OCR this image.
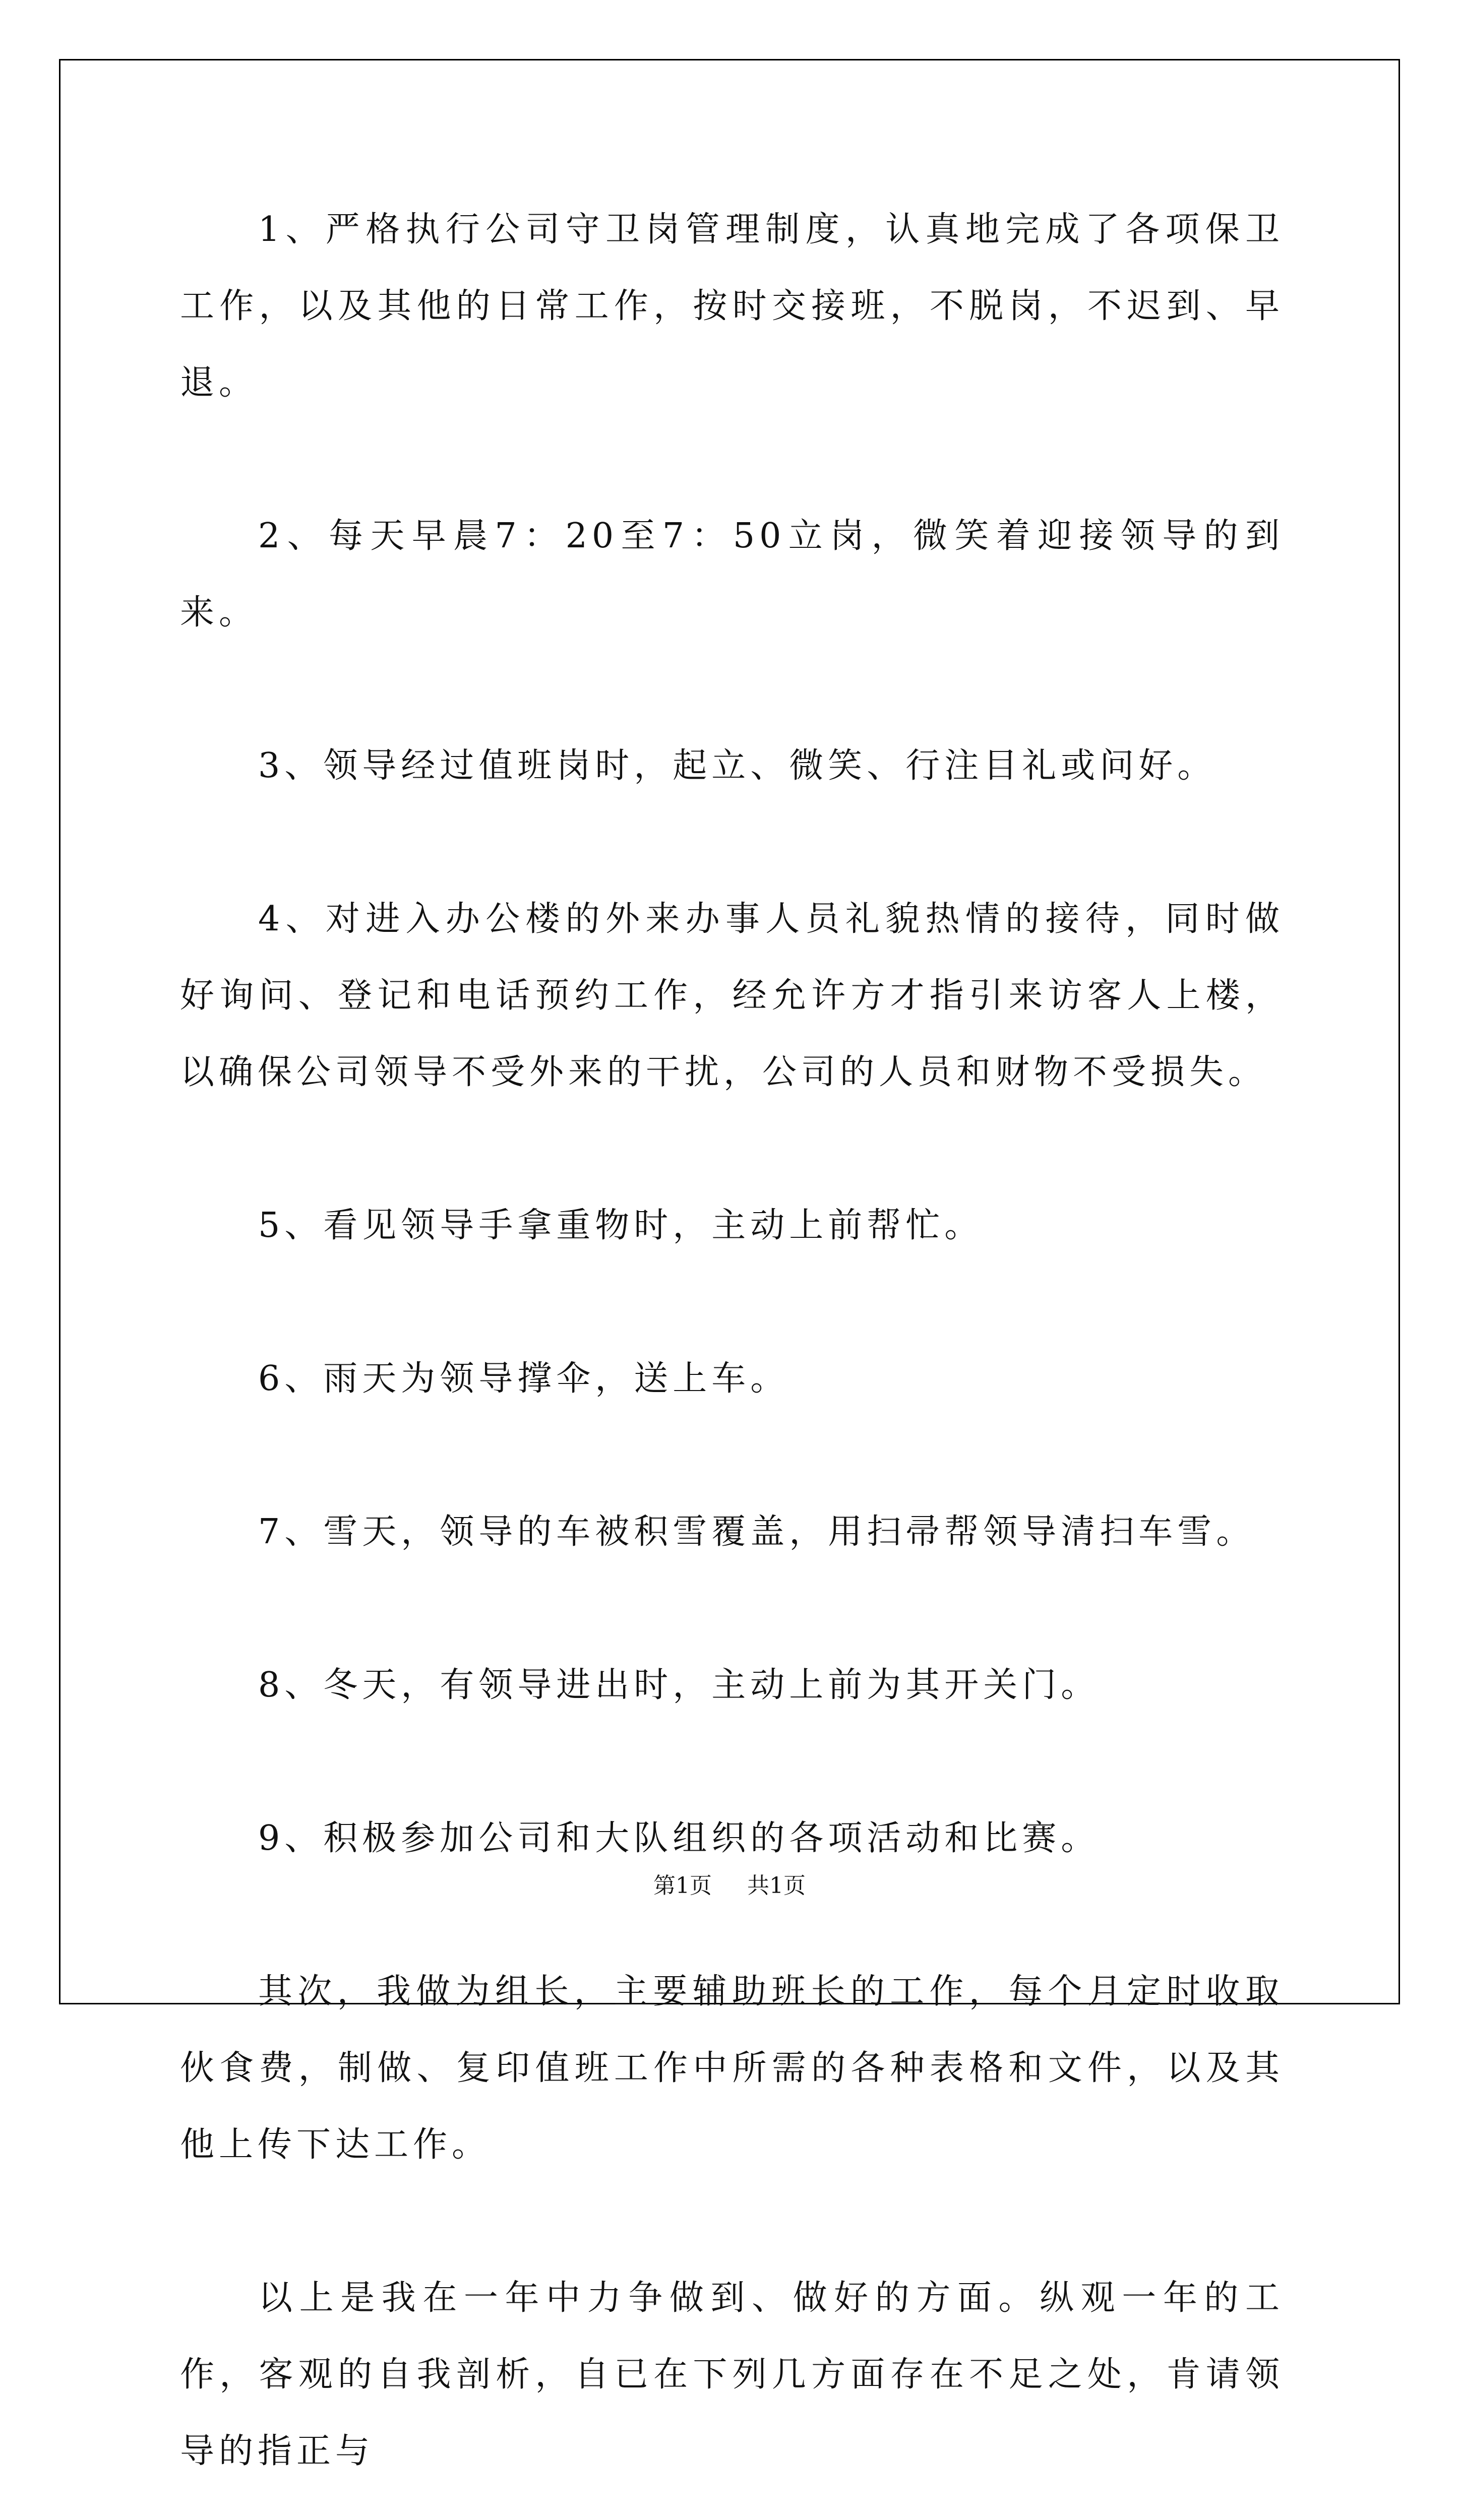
1、严格执行公司守卫岗管理制度，认真地完成了各项保卫工作，以及其他的日常工作，按时交接班，不脱岗，不迟到、早退。

2、每天早晨7：20至7：50立岗，微笑着迎接领导的到来。

3、领导经过值班岗时，起立、微笑、行注目礼或问好。

4、对进入办公楼的外来办事人员礼貌热情的接待，同时做好询问、登记和电话预约工作，经允许方才指引来访客人上楼，以确保公司领导不受外来的干扰，公司的人员和财物不受损失。

5、看见领导手拿重物时，主动上前帮忙。

6、雨天为领导撑伞，送上车。

7、雪天，领导的车被积雪覆盖，用扫帚帮领导清扫车雪。

8、冬天，有领导进出时，主动上前为其开关门。

9、积极参加公司和大队组织的各项活动和比赛。

其次，我做为组长，主要辅助班长的工作，每个月定时收取伙食费，制做、复印值班工作中所需的各种表格和文件，以及其他上传下达工作。

以上是我在一年中力争做到、做好的方面。纵观一年的工作，客观的自我剖析，自已在下列几方面存在不足之处，肯请领导的指正与

第1页 共1页
